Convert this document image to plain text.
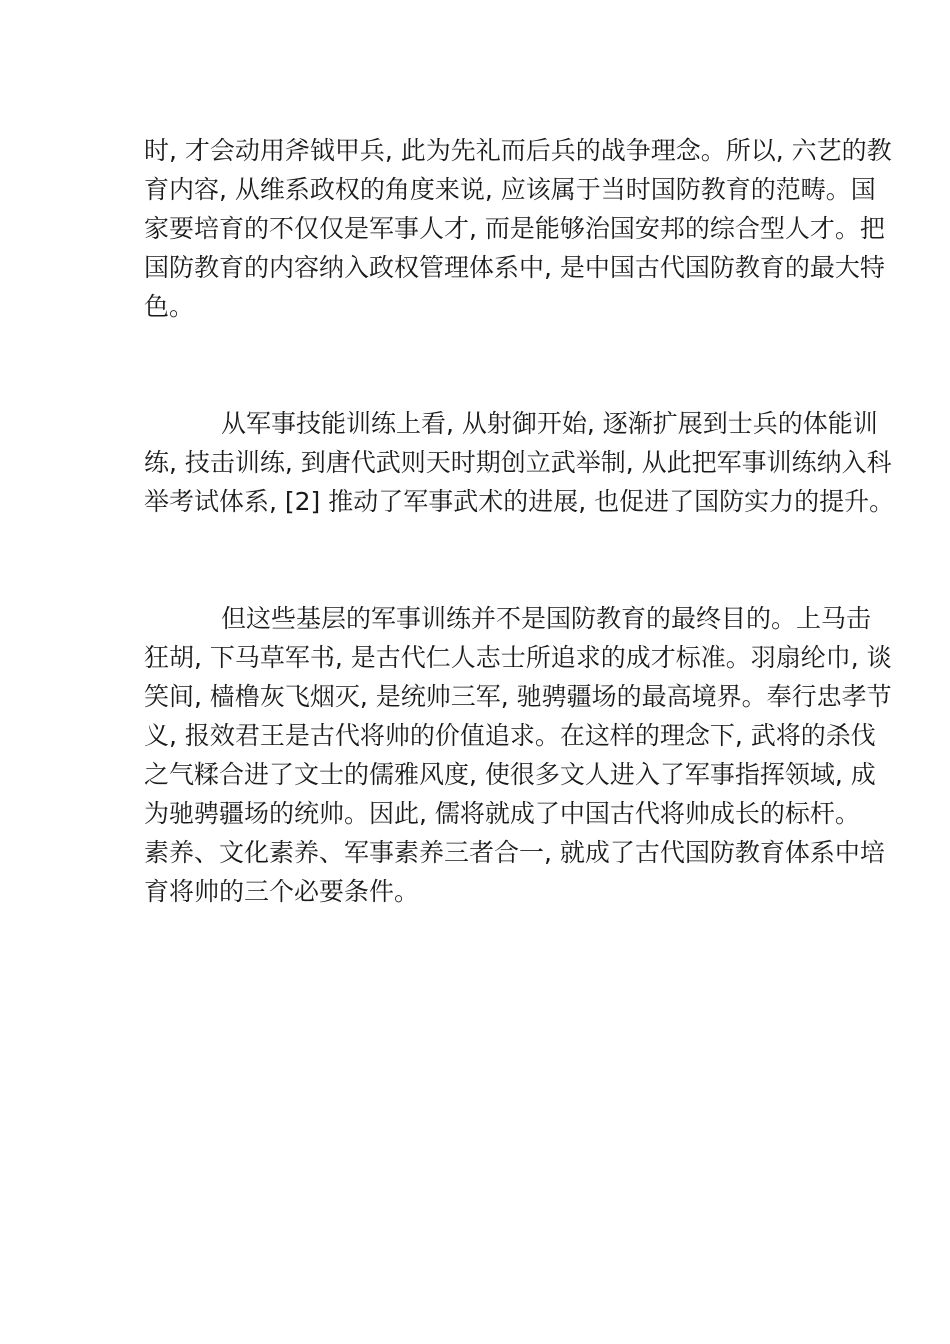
时, 才会动用斧钺甲兵, 此为先礼而后兵的战争理念。所以, 六艺的教
育内容, 从维系政权的角度来说, 应该属于当时国防教育的范畴。国
家要培育的不仅仅是军事人才, 而是能够治国安邦的综合型人才。把
国防教育的内容纳入政权管理体系中, 是中国古代国防教育的最大特
色。
从军事技能训练上看, 从射御开始, 逐渐扩展到士兵的体能训
练, 技击训练, 到唐代武则天时期创立武举制, 从此把军事训练纳入科
举考试体系, [2] 推动了军事武术的进展, 也促进了国防实力的提升。
但这些基层的军事训练并不是国防教育的最终目的。上马击
狂胡, 下马草军书, 是古代仁人志士所追求的成才标准。羽扇纶巾, 谈
笑间, 樯橹灰飞烟灭, 是统帅三军, 驰骋疆场的最高境界。奉行忠孝节
义, 报效君王是古代将帅的价值追求。在这样的理念下, 武将的杀伐
之气糅合进了文士的儒雅风度, 使很多文人进入了军事指挥领域, 成
为驰骋疆场的统帅。因此, 儒将就成了中国古代将帅成长的标杆。
素养、文化素养、军事素养三者合一, 就成了古代国防教育体系中培
育将帅的三个必要条件。
